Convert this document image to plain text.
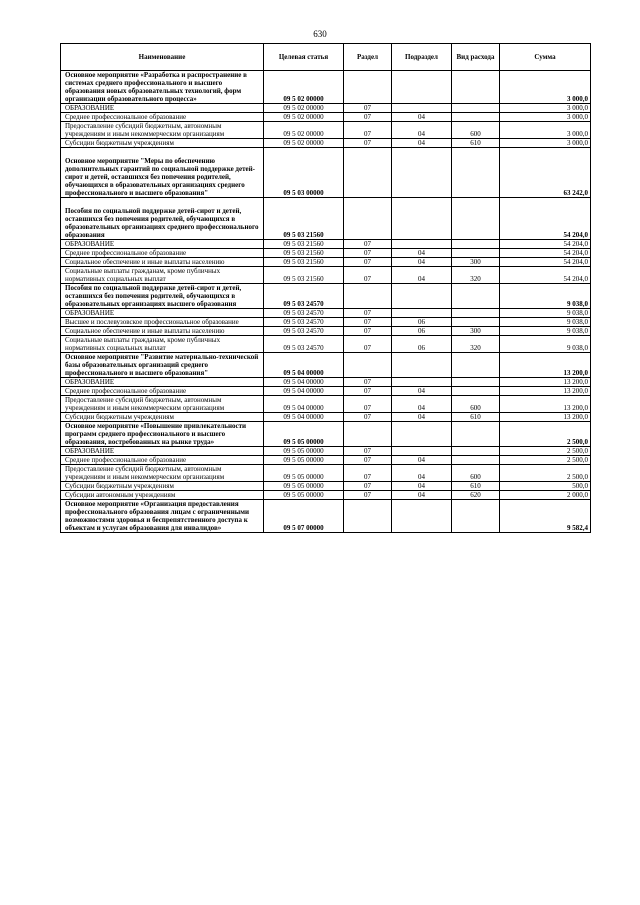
630
Наименование	Целевая статья	Раздел	Подраздел	Вид расхода	Сумма
Основное мероприятие «Разработка и распространение в системах среднего профессионального и высшего образования новых образовательных технологий, форм организации образовательного процесса»	09 5 02 00000				3 000,0
ОБРАЗОВАНИЕ	09 5 02 00000	07			3 000,0
Среднее профессиональное образование	09 5 02 00000	07	04		3 000,0
Предоставление субсидий бюджетным, автономным учреждениям и иным некоммерческим организациям	09 5 02 00000	07	04	600	3 000,0
Субсидии бюджетным учреждениям	09 5 02 00000	07	04	610	3 000,0
Основное мероприятие "Меры по обеспечению дополнительных гарантий по социальной поддержке детей-сирот и детей, оставшихся без попечения родителей, обучающихся в образовательных организациях среднего профессионального и высшего образования"	09 5 03 00000				63 242,0
Пособия по социальной поддержке детей-сирот и детей, оставшихся без попечения родителей, обучающихся в образовательных организациях среднего профессионального образования	09 5 03 21560				54 204,0
ОБРАЗОВАНИЕ	09 5 03 21560	07			54 204,0
Среднее профессиональное образование	09 5 03 21560	07	04		54 204,0
Социальное обеспечение и иные выплаты населению	09 5 03 21560	07	04	300	54 204,0
Социальные выплаты гражданам, кроме публичных нормативных социальных выплат	09 5 03 21560	07	04	320	54 204,0
Пособия по социальной поддержке детей-сирот и детей, оставшихся без попечения родителей, обучающихся в образовательных организациях высшего образования	09 5 03 24570				9 038,0
ОБРАЗОВАНИЕ	09 5 03 24570	07			9 038,0
Высшее и послевузовское профессиональное образование	09 5 03 24570	07	06		9 038,0
Социальное обеспечение и иные выплаты населению	09 5 03 24570	07	06	300	9 038,0
Социальные выплаты гражданам, кроме публичных нормативных социальных выплат	09 5 03 24570	07	06	320	9 038,0
Основное мероприятие "Развитие материально-технической базы образовательных организаций среднего профессионального и высшего образования"	09 5 04 00000				13 200,0
ОБРАЗОВАНИЕ	09 5 04 00000	07			13 200,0
Среднее профессиональное образование	09 5 04 00000	07	04		13 200,0
Предоставление субсидий бюджетным, автономным учреждениям и иным некоммерческим организациям	09 5 04 00000	07	04	600	13 200,0
Субсидии бюджетным учреждениям	09 5 04 00000	07	04	610	13 200,0
Основное мероприятие «Повышение привлекательности программ среднего профессионального и высшего образования, востребованных на рынке труда»	09 5 05 00000				2 500,0
ОБРАЗОВАНИЕ	09 5 05 00000	07			2 500,0
Среднее профессиональное образование	09 5 05 00000	07	04		2 500,0
Предоставление субсидий бюджетным, автономным учреждениям и иным некоммерческим организациям	09 5 05 00000	07	04	600	2 500,0
Субсидии бюджетным учреждениям	09 5 05 00000	07	04	610	500,0
Субсидии автономным учреждениям	09 5 05 00000	07	04	620	2 000,0
Основное мероприятие «Организация предоставления профессионального образования лицам с ограниченными возможностями здоровья и беспрепятственного доступа к объектам и услугам образования для инвалидов»	09 5 07 00000				9 582,4
